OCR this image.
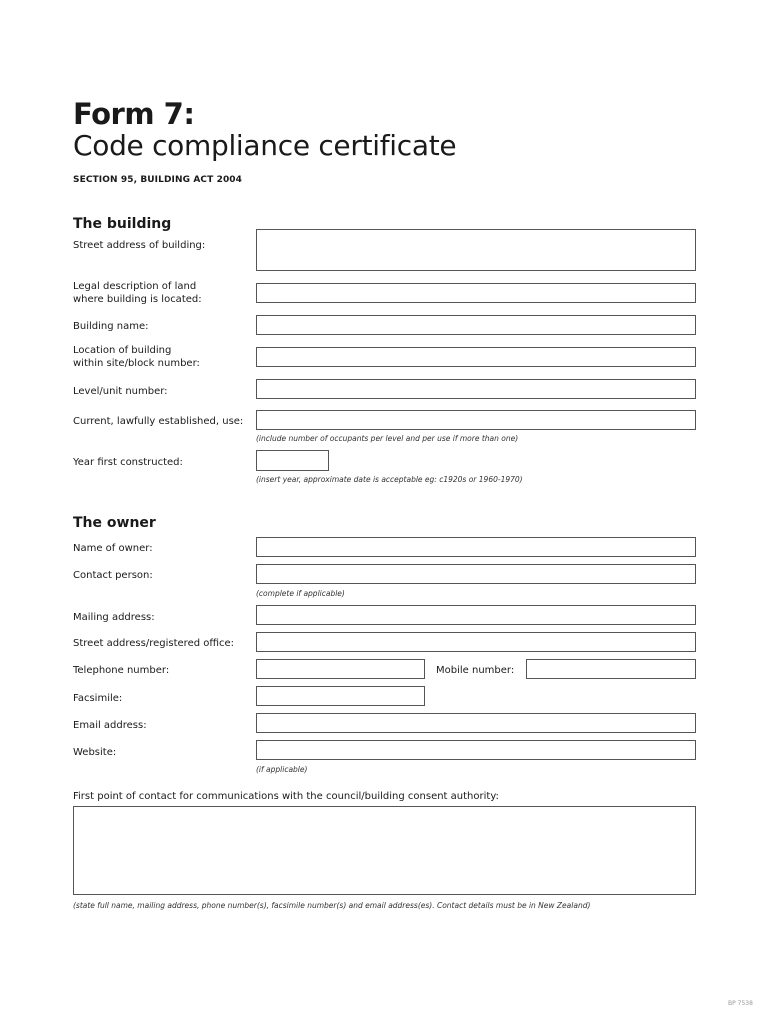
Form 7:
Code compliance certificate
SECTION 95, BUILDING ACT 2004
The building
Street address of building:
Legal description of land
where building is located:
Building name:
Location of building
within site/block number:
Level/unit number:
Current, lawfully established, use:
(include number of occupants per level and per use if more than one)
Year first constructed:
(insert year, approximate date is acceptable eg: c1920s or 1960-1970)
The owner
Name of owner:
Contact person:
(complete if applicable)
Mailing address:
Street address/registered office:
Telephone number:	Mobile number:
Facsimile:
Email address:
Website:
(if applicable)
First point of contact for communications with the council/building consent authority:
(state full name, mailing address, phone number(s), facsimile number(s) and email address(es). Contact details must be in New Zealand)
BP 7538
